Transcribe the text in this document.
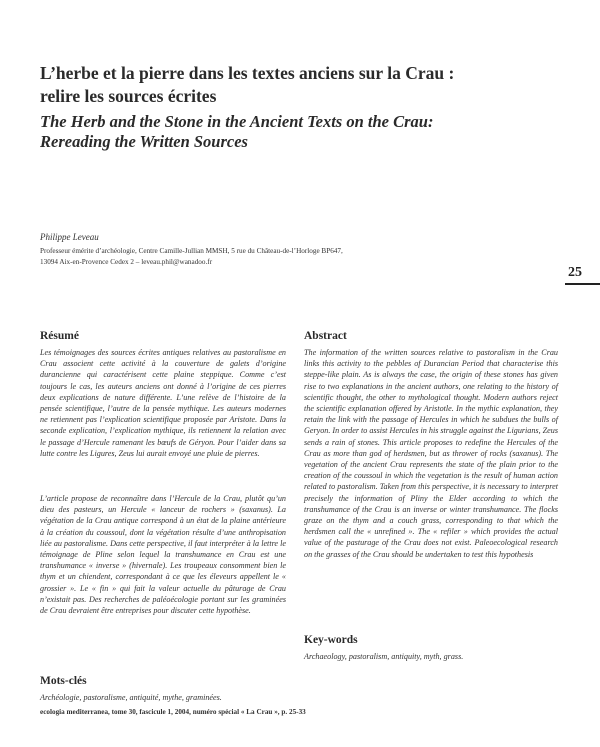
L’herbe et la pierre dans les textes anciens sur la Crau :
relire les sources écrites
The Herb and the Stone in the Ancient Texts on the Crau:
Rereading the Written Sources
Philippe Leveau
Professeur émérite d’archéologie, Centre Camille-Jullian MMSH, 5 rue du Château-de-l’Horloge BP647,
13094 Aix-en-Provence Cedex 2 – leveau.phil@wanadoo.fr
25
Résumé
Les témoignages des sources écrites antiques relatives au pastoralisme en Crau associent cette activité à la couverture de galets d’origine durancienne qui caractérisent cette plaine steppique. Comme c’est toujours le cas, les auteurs anciens ont donné à l’origine de ces pierres deux explications de nature différente. L’une relève de l’histoire de la pensée scientifique, l’autre de la pensée mythique. Les auteurs modernes ne retiennent pas l’explication scientifique proposée par Aristote. Dans la seconde explication, l’explication mythique, ils retiennent la relation avec le passage d’Hercule ramenant les bœufs de Géryon. Pour l’aider dans sa lutte contre les Ligures, Zeus lui aurait envoyé une pluie de pierres.
L’article propose de reconnaître dans l’Hercule de la Crau, plutôt qu’un dieu des pasteurs, un Hercule « lanceur de rochers » (saxanus). La végétation de la Crau antique correspond à un état de la plaine antérieure à la création du coussoul, dont la végétation résulte d’une anthropisation liée au pastoralisme. Dans cette perspective, il faut interpréter à la lettre le témoignage de Pline selon lequel la transhumance en Crau est une transhumance « inverse » (hivernale). Les troupeaux consomment bien le thym et un chiendent, correspondant à ce que les éleveurs appellent le « grossier ». Le « fin » qui fait la valeur actuelle du pâturage de Crau n’existait pas. Des recherches de paléoécologie portant sur les graminées de Crau devraient être entreprises pour discuter cette hypothèse.
Mots-clés
Archéologie, pastoralisme, antiquité, mythe, graminées.
Abstract
The information of the written sources relative to pastoralism in the Crau links this activity to the pebbles of Durancian Period that characterise this steppe-like plain. As is always the case, the origin of these stones has given rise to two explanations in the ancient authors, one relating to the history of scientific thought, the other to mythological thought. Modern authors reject the scientific explanation offered by Aristotle. In the mythic explanation, they retain the link with the passage of Hercules in which he subdues the bulls of Geryon. In order to assist Hercules in his struggle against the Ligurians, Zeus sends a rain of stones. This article proposes to redefine the Hercules of the Crau as more than god of herdsmen, but as thrower of rocks (saxanus). The vegetation of the ancient Crau represents the state of the plain prior to the creation of the coussoul in which the vegetation is the result of human action related to pastoralism. Taken from this perspective, it is necessary to interpret precisely the information of Pliny the Elder according to which the transhumance of the Crau is an inverse or winter transhumance. The flocks graze on the thym and a couch grass, corresponding to that which the herdsmen call the « unrefined ». The « refiler » which provides the actual value of the pasturage of the Crau does not exist. Paleoecological research on the grasses of the Crau should be undertaken to test this hypothesis
Key-words
Archaeology, pastoralism, antiquity, myth, grass.
ecologia mediterranea, tome 30, fascicule 1, 2004, numéro spécial « La Crau », p. 25-33
